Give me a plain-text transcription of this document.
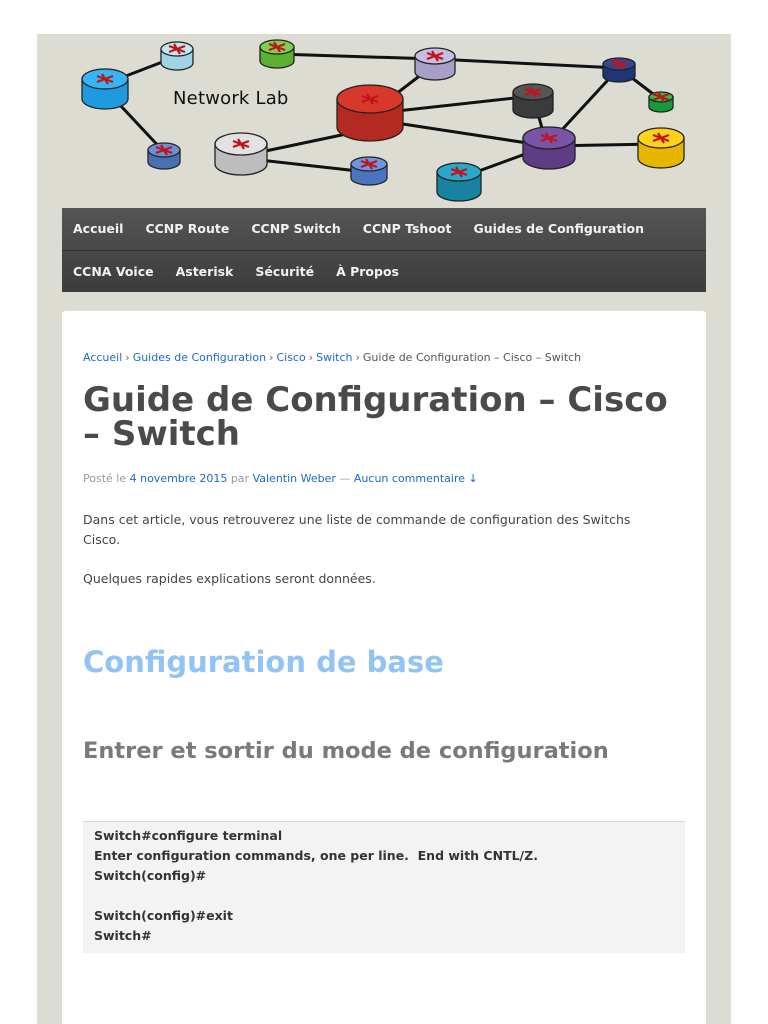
Network Lab
Accueil	CCNP Route	CCNP Switch	CCNP Tshoot	Guides de Configuration
CCNA Voice	Asterisk	Sécurité	À Propos
Accueil › Guides de Configuration › Cisco › Switch › Guide de Configuration – Cisco – Switch
Guide de Configuration – Cisco – Switch
Posté le 4 novembre 2015 par Valentin Weber — Aucun commentaire ↓

Dans cet article, vous retrouverez une liste de commande de configuration des Switchs Cisco.

Quelques rapides explications seront données.

Configuration de base
Entrer et sortir du mode de configuration
Switch#configure terminal
Enter configuration commands, one per line.  End with CNTL/Z.
Switch(config)#
Switch(config)#exit
Switch#
